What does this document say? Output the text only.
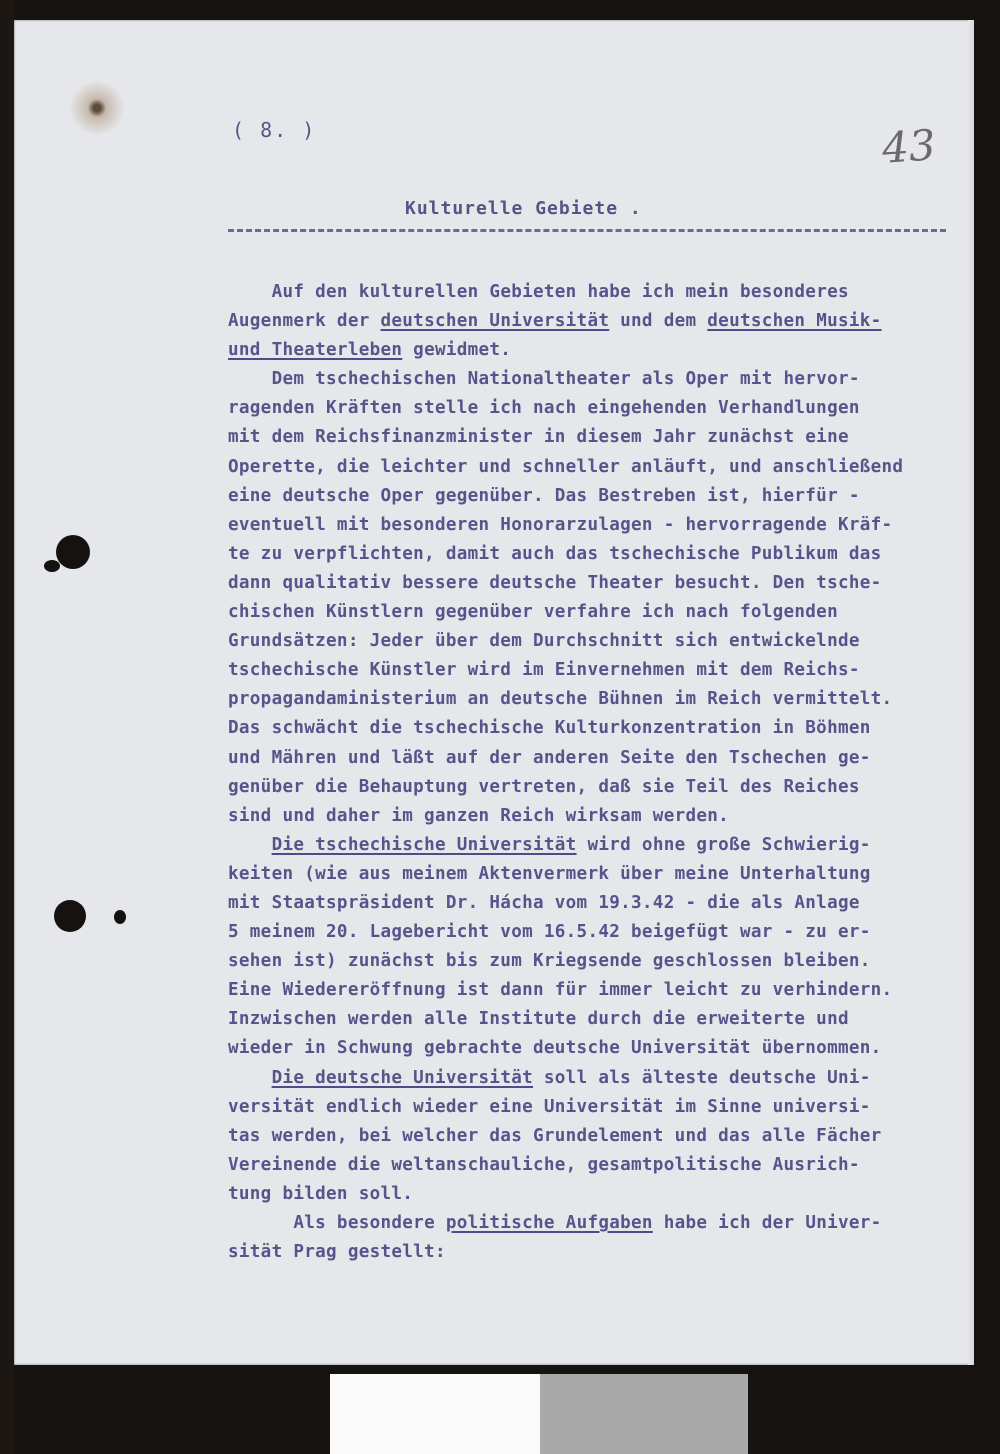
( 8. )	43
Kulturelle Gebiete .
Auf den kulturellen Gebieten habe ich mein besonderes
Augenmerk der deutschen Universität und dem deutschen Musik-
und Theaterleben gewidmet.
Dem tschechischen Nationaltheater als Oper mit hervor-
ragenden Kräften stelle ich nach eingehenden Verhandlungen
mit dem Reichsfinanzminister in diesem Jahr zunächst eine
Operette, die leichter und schneller anläuft, und anschließend
eine deutsche Oper gegenüber. Das Bestreben ist, hierfür -
eventuell mit besonderen Honorarzulagen - hervorragende Kräf-
te zu verpflichten, damit auch das tschechische Publikum das
dann qualitativ bessere deutsche Theater besucht. Den tsche-
chischen Künstlern gegenüber verfahre ich nach folgenden
Grundsätzen: Jeder über dem Durchschnitt sich entwickelnde
tschechische Künstler wird im Einvernehmen mit dem Reichs-
propagandaministerium an deutsche Bühnen im Reich vermittelt.
Das schwächt die tschechische Kulturkonzentration in Böhmen
und Mähren und läßt auf der anderen Seite den Tschechen ge-
genüber die Behauptung vertreten, daß sie Teil des Reiches
sind und daher im ganzen Reich wirksam werden.
Die tschechische Universität wird ohne große Schwierig-
keiten (wie aus meinem Aktenvermerk über meine Unterhaltung
mit Staatspräsident Dr. Hácha vom 19.3.42 - die als Anlage
5 meinem 20. Lagebericht vom 16.5.42 beigefügt war - zu er-
sehen ist) zunächst bis zum Kriegsende geschlossen bleiben.
Eine Wiedereröffnung ist dann für immer leicht zu verhindern.
Inzwischen werden alle Institute durch die erweiterte und
wieder in Schwung gebrachte deutsche Universität übernommen.
Die deutsche Universität soll als älteste deutsche Uni-
versität endlich wieder eine Universität im Sinne universi-
tas werden, bei welcher das Grundelement und das alle Fächer
Vereinende die weltanschauliche, gesamtpolitische Ausrich-
tung bilden soll.
Als besondere politische Aufgaben habe ich der Univer-
sität Prag gestellt:
